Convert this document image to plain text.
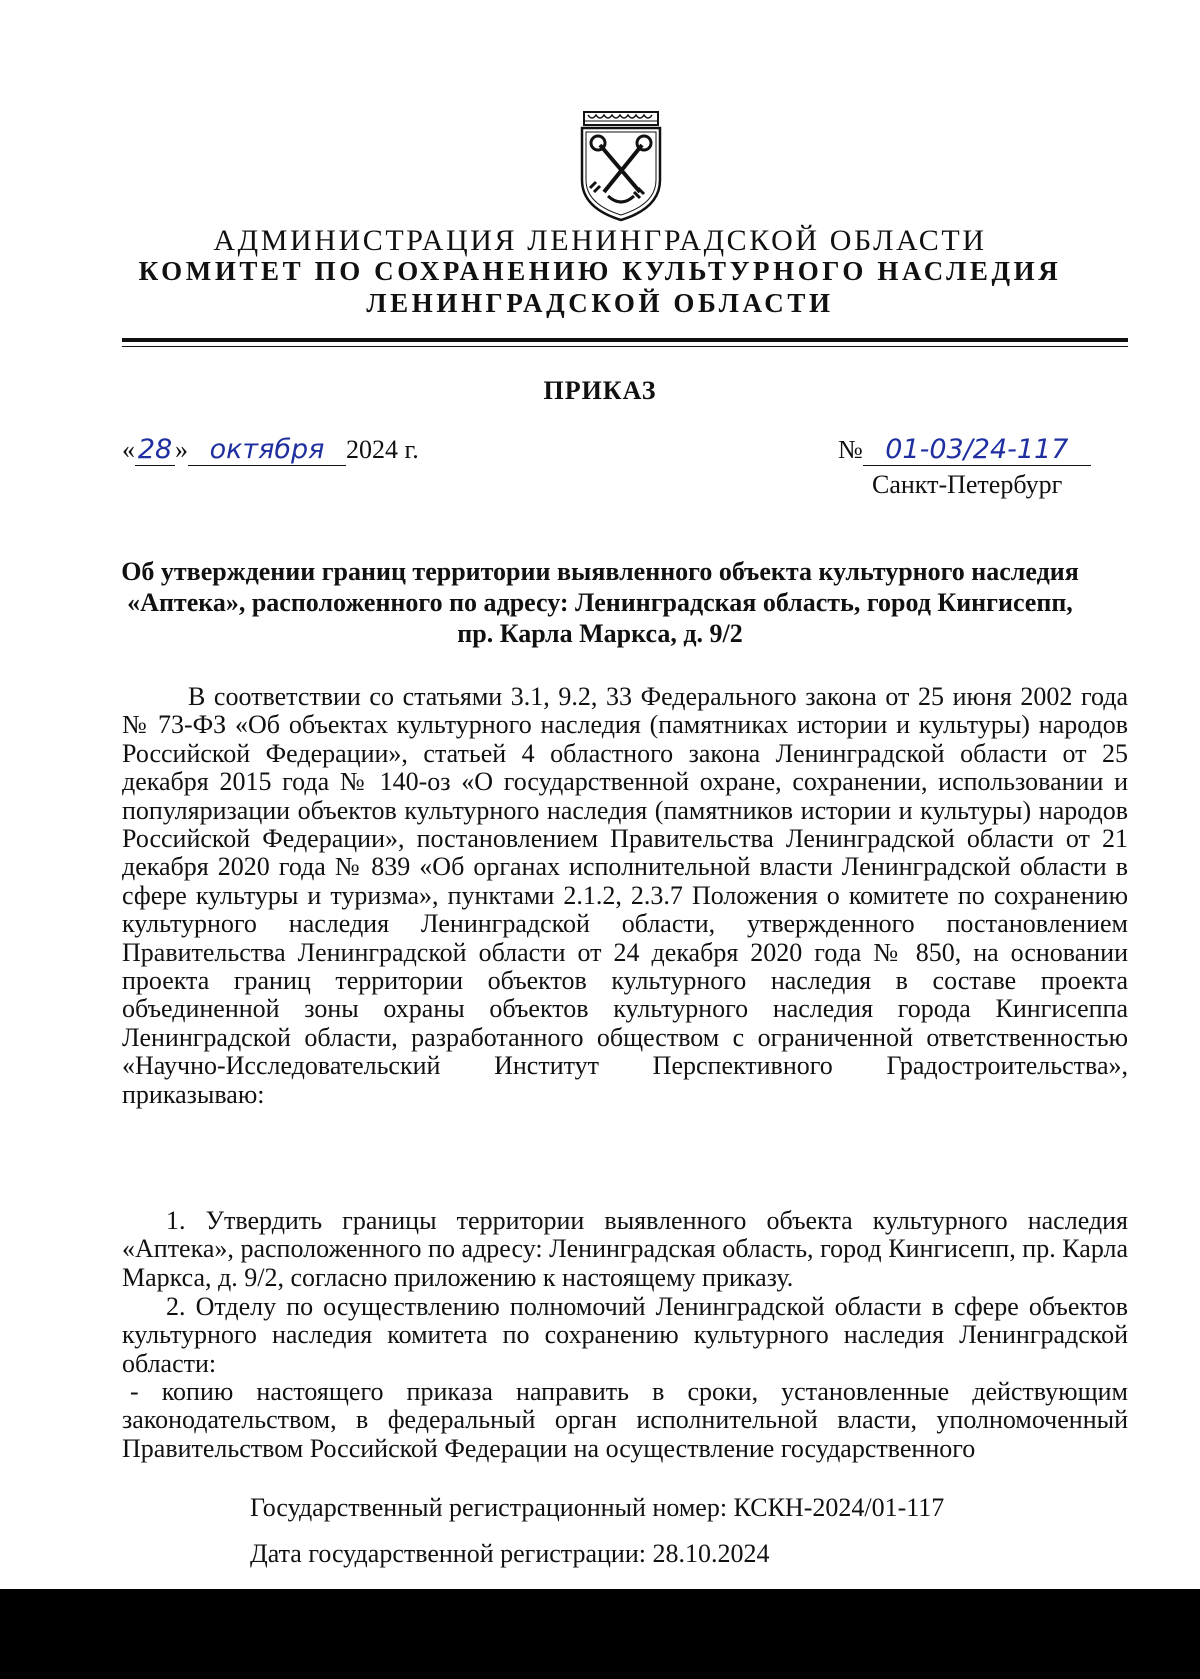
АДМИНИСТРАЦИЯ ЛЕНИНГРАДСКОЙ ОБЛАСТИ
КОМИТЕТ ПО СОХРАНЕНИЮ КУЛЬТУРНОГО НАСЛЕДИЯ
ЛЕНИНГРАДСКОЙ ОБЛАСТИ
ПРИКАЗ
« 28 » октября 2024 г.	№ 01-03/24-117
Санкт-Петербург
Об утверждении границ территории выявленного объекта культурного наследия «Аптека», расположенного по адресу: Ленинградская область, город Кингисепп, пр. Карла Маркса, д. 9/2
В соответствии со статьями 3.1, 9.2, 33 Федерального закона от 25 июня 2002 года № 73-ФЗ «Об объектах культурного наследия (памятниках истории и культуры) народов Российской Федерации», статьей 4 областного закона Ленинградской области от 25 декабря 2015 года № 140-оз «О государственной охране, сохранении, использовании и популяризации объектов культурного наследия (памятников истории и культуры) народов Российской Федерации», постановлением Правительства Ленинградской области от 21 декабря 2020 года № 839 «Об органах исполнительной власти Ленинградской области в сфере культуры и туризма», пунктами 2.1.2, 2.3.7 Положения о комитете по сохранению культурного наследия Ленинградской области, утвержденного постановлением Правительства Ленинградской области от 24 декабря 2020 года № 850, на основании проекта границ территории объектов культурного наследия в составе проекта объединенной зоны охраны объектов культурного наследия города Кингисеппа Ленинградской области, разработанного обществом с ограниченной ответственностью «Научно-Исследовательский Институт Перспективного Градостроительства», приказываю:
1. Утвердить границы территории выявленного объекта культурного наследия «Аптека», расположенного по адресу: Ленинградская область, город Кингисепп, пр. Карла Маркса, д. 9/2, согласно приложению к настоящему приказу.
2. Отделу по осуществлению полномочий Ленинградской области в сфере объектов культурного наследия комитета по сохранению культурного наследия Ленинградской области:
- копию настоящего приказа направить в сроки, установленные действующим законодательством, в федеральный орган исполнительной власти, уполномоченный Правительством Российской Федерации на осуществление государственного
Государственный регистрационный номер: КСКН-2024/01-117
Дата государственной регистрации: 28.10.2024
